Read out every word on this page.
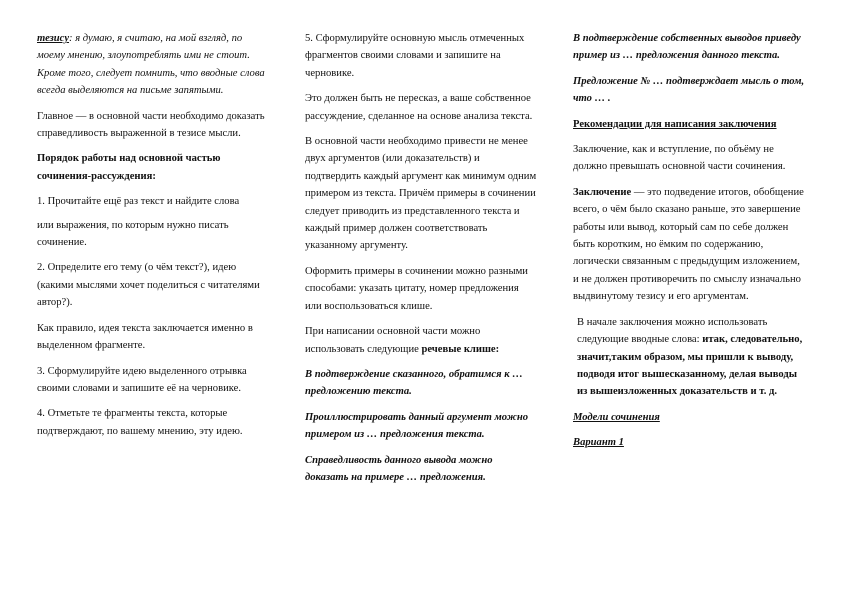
тезису: я думаю, я считаю, на мой взгляд, по моему мнению, злоупотреблять ими не стоит. Кроме того, следует помнить, что вводные слова всегда выделяются на письме запятыми.
Главное — в основной части необходимо доказать справедливость выраженной в тезисе мысли.
Порядок работы над основной частью сочинения-рассуждения:
1. Прочитайте ещё раз текст и найдите слова
или выражения, по которым нужно писать сочинение.
2. Определите его тему (о чём текст?), идею (какими мыслями хочет поделиться с читателями автор?).
Как правило, идея текста заключается именно в выделенном фрагменте.
3. Сформулируйте идею выделенного отрывка своими словами и запишите её на черновике.
4. Отметьте те фрагменты текста, которые подтверждают, по вашему мнению, эту идею.
5. Сформулируйте основную мысль отмеченных фрагментов своими словами и запишите на черновике.
Это должен быть не пересказ, а ваше собственное рассуждение, сделанное на основе анализа текста.
В основной части необходимо привести не менее двух аргументов (или доказательств) и подтвердить каждый аргумент как минимум одним примером из текста. Причём примеры в сочинении следует приводить из представленного текста и каждый пример должен соответствовать указанному аргументу.
Оформить примеры в сочинении можно разными способами: указать цитату, номер предложения или воспользоваться клише.
При написании основной части можно использовать следующие речевые клише:
В подтверждение сказанного, обратимся к … предложению текста.
Проиллюстрировать данный аргумент можно примером из … предложения текста.
Справедливость данного вывода можно доказать на примере … предложения.
В подтверждение собственных выводов приведу пример из … предложения данного текста.
Предложение № … подтверждает мысль о том, что … .
Рекомендации для написания заключения
Заключение, как и вступление, по объёму не должно превышать основной части сочинения.
Заключение — это подведение итогов, обобщение всего, о чём было сказано раньше, это завершение работы или вывод, который сам по себе должен быть коротким, но ёмким по содержанию, логически связанным с предыдущим изложением, и не должен противоречить по смыслу изначально выдвинутому тезису и его аргументам.
В начале заключения можно использовать следующие вводные слова: итак, следовательно, значит,таким образом, мы пришли к выводу, подводя итог вышесказанному, делая выводы из вышеизложенных доказательств и т. д.
Модели сочинения
Вариант 1
